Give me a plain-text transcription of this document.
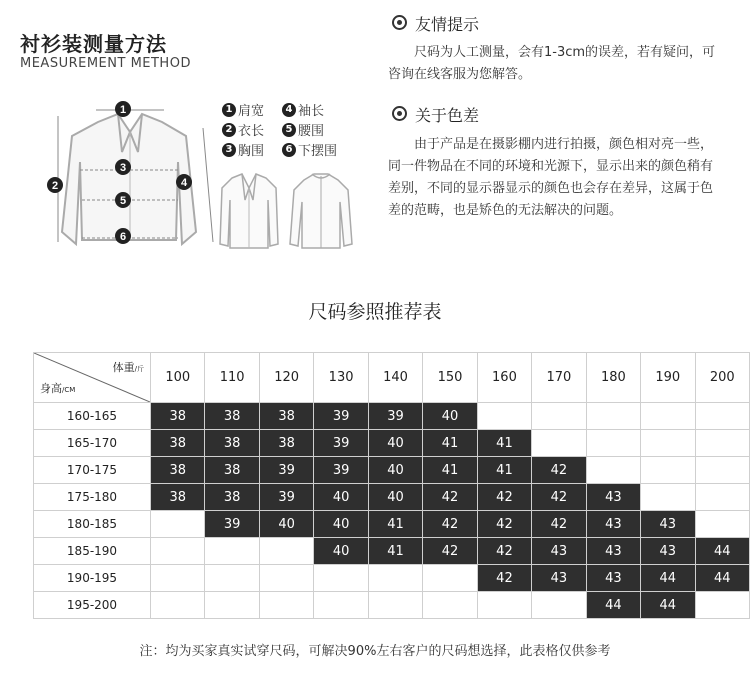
衬衫装测量方法
MEASUREMENT METHOD
1
2
3
4
5
6
1 肩宽	4 袖长
2 衣长	5 腰围
3 胸围	6 下摆围
友情提示
尺码为人工测量，会有1-3cm的误差，若有疑问，可咨询在线客服为您解答。
关于色差
由于产品是在摄影棚内进行拍摄，颜色相对亮一些，同一件物品在不同的环境和光源下，显示出来的颜色稍有差别，不同的显示器显示的颜色也会存在差异，这属于色差的范畴，也是矫色的无法解决的问题。
尺码参照推荐表
体重/斤
身高/CM	100	110	120	130	140	150	160	170	180	190	200
160-165	38	38	38	39	39	40					
165-170	38	38	38	39	40	41	41				
170-175	38	38	39	39	40	41	41	42			
175-180	38	38	39	40	40	42	42	42	43		
180-185		39	40	40	41	42	42	42	43	43	
185-190				40	41	42	42	43	43	43	44
190-195							42	43	43	44	44
195-200									44	44	
注：均为买家真实试穿尺码，可解决90%左右客户的尺码想选择，此表格仅供参考
